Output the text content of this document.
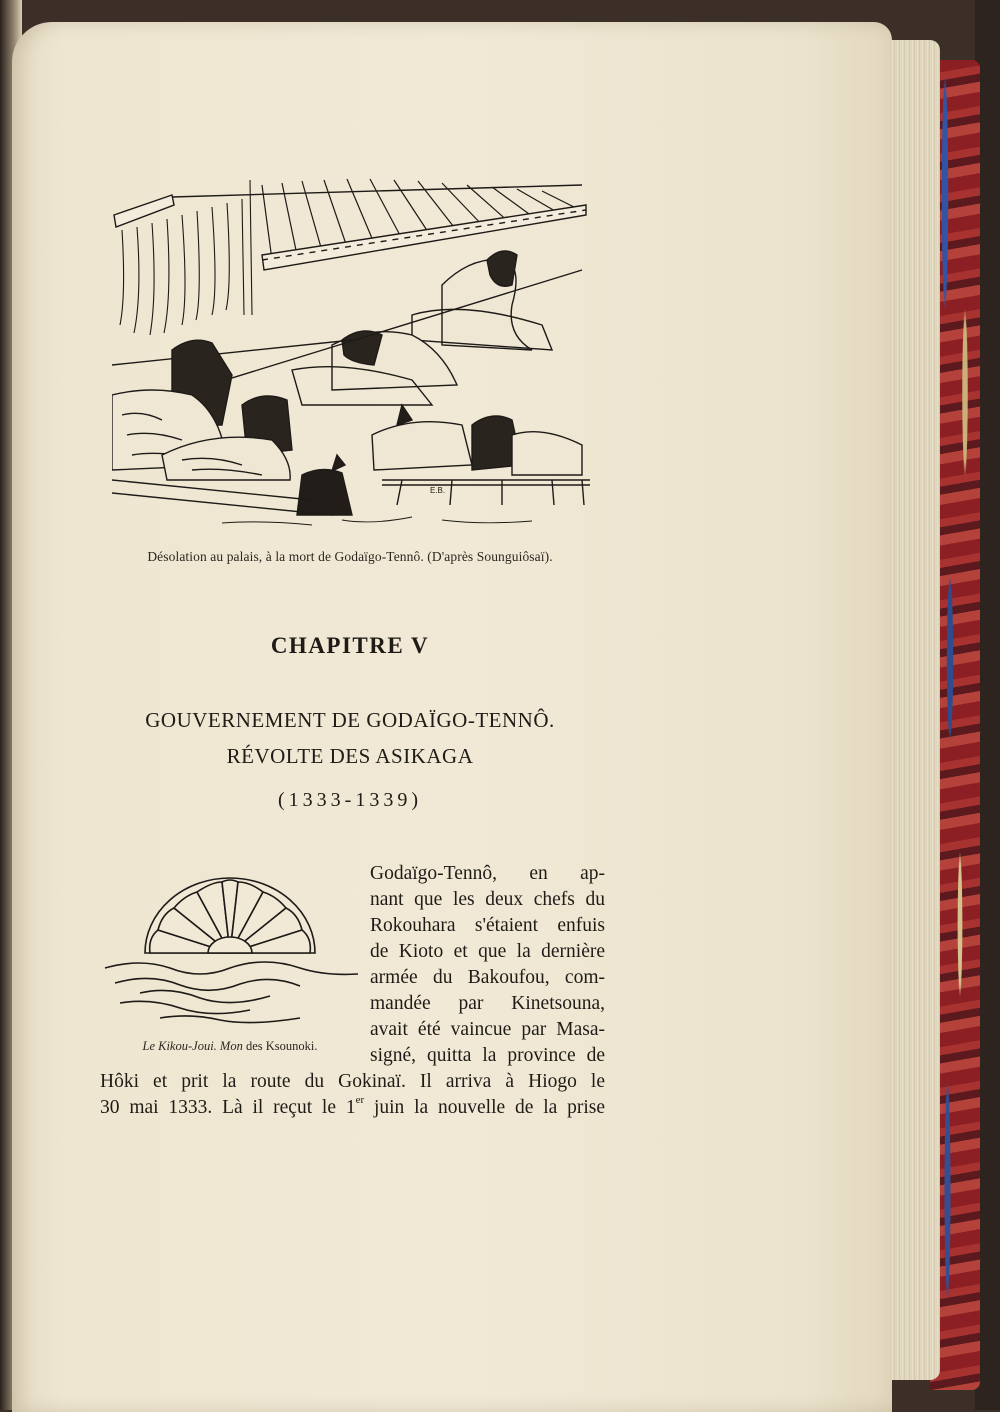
E.B.
Désolation au palais, à la mort de Godaïgo-Tennô. (D'après Sounguiôsaï).
CHAPITRE V
GOUVERNEMENT DE GODAÏGO-TENNÔ.
RÉVOLTE DES ASIKAGA
(1333-1339)
Le Kikou-Joui. Mon des Ksounoki.
Godaïgo-Tennô, en ap-
nant que les deux chefs du
Rokouhara s'étaient enfuis
de Kioto et que la dernière
armée du Bakoufou, com-
mandée par Kinetsouna,
avait été vaincue par Masa-
signé, quitta la province de
Hôki et prit la route du Gokinaï. Il arriva à Hiogo le
30 mai 1333. Là il reçut le 1er juin la nouvelle de la prise
